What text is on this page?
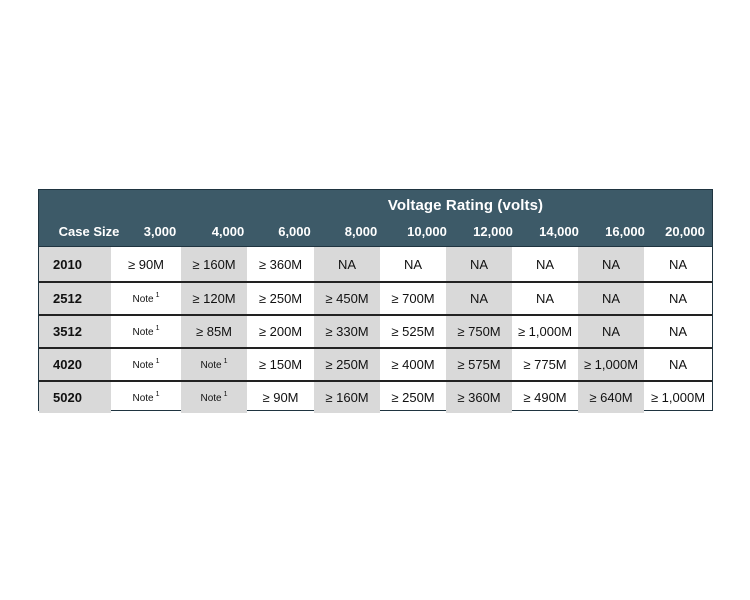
Voltage Rating (volts)
Case Size	3,000	4,000	6,000	8,000	10,000	12,000	14,000	16,000	20,000
2010	≥ 90M	≥ 160M	≥ 360M	NA	NA	NA	NA	NA	NA
2512	Note $^1$	≥ 120M	≥ 250M	≥ 450M	≥ 700M	NA	NA	NA	NA
3512	Note $^1$	≥ 85M	≥ 200M	≥ 330M	≥ 525M	≥ 750M	≥ 1,000M	NA	NA
4020	Note $^1$	Note $^1$	≥ 150M	≥ 250M	≥ 400M	≥ 575M	≥ 775M	≥ 1,000M	NA
5020	Note $^1$	Note $^1$	≥ 90M	≥ 160M	≥ 250M	≥ 360M	≥ 490M	≥ 640M	≥ 1,000M
